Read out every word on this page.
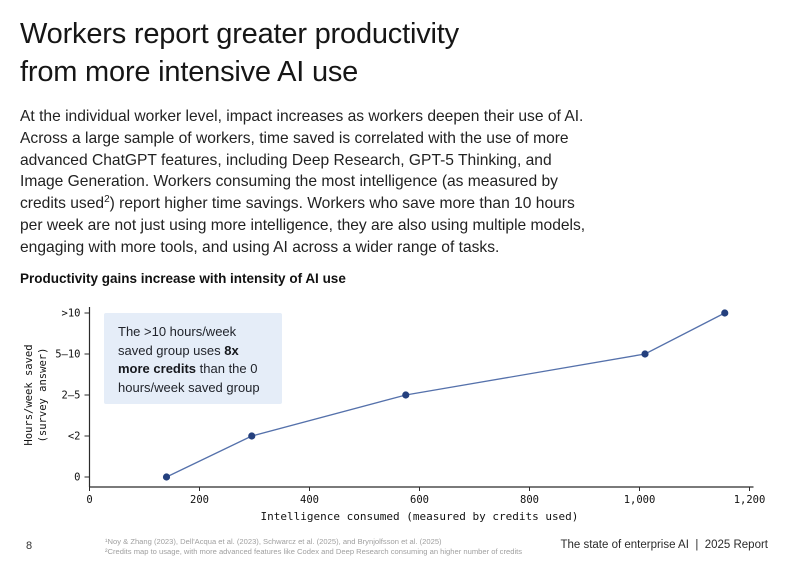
Workers report greater productivity
from more intensive AI use
At the individual worker level, impact increases as workers deepen their use of AI. Across a large sample of workers, time saved is correlated with the use of more advanced ChatGPT features, including Deep Research, GPT-5 Thinking, and Image Generation. Workers consuming the most intelligence (as measured by credits used$^2$) report higher time savings. Workers who save more than 10 hours per week are not just using more intelligence, they are also using multiple models, engaging with more tools, and using AI across a wider range of tasks.
Productivity gains increase with intensity of AI use
0	200	400	600	800	1,000	1,200
0
<2
2–5
5–10
>10
Intelligence consumed (measured by credits used)
Hours/week saved (survey answer)
The >10 hours/week saved group uses 8x more credits than the 0 hours/week saved group
8	¹Noy & Zhang (2023), Dell'Acqua et al. (2023), Schwarcz et al. (2025), and Brynjolfsson et al. (2025)
²Credits map to usage, with more advanced features like Codex and Deep Research consuming an higher number of credits
The state of enterprise AI  |  2025 Report
